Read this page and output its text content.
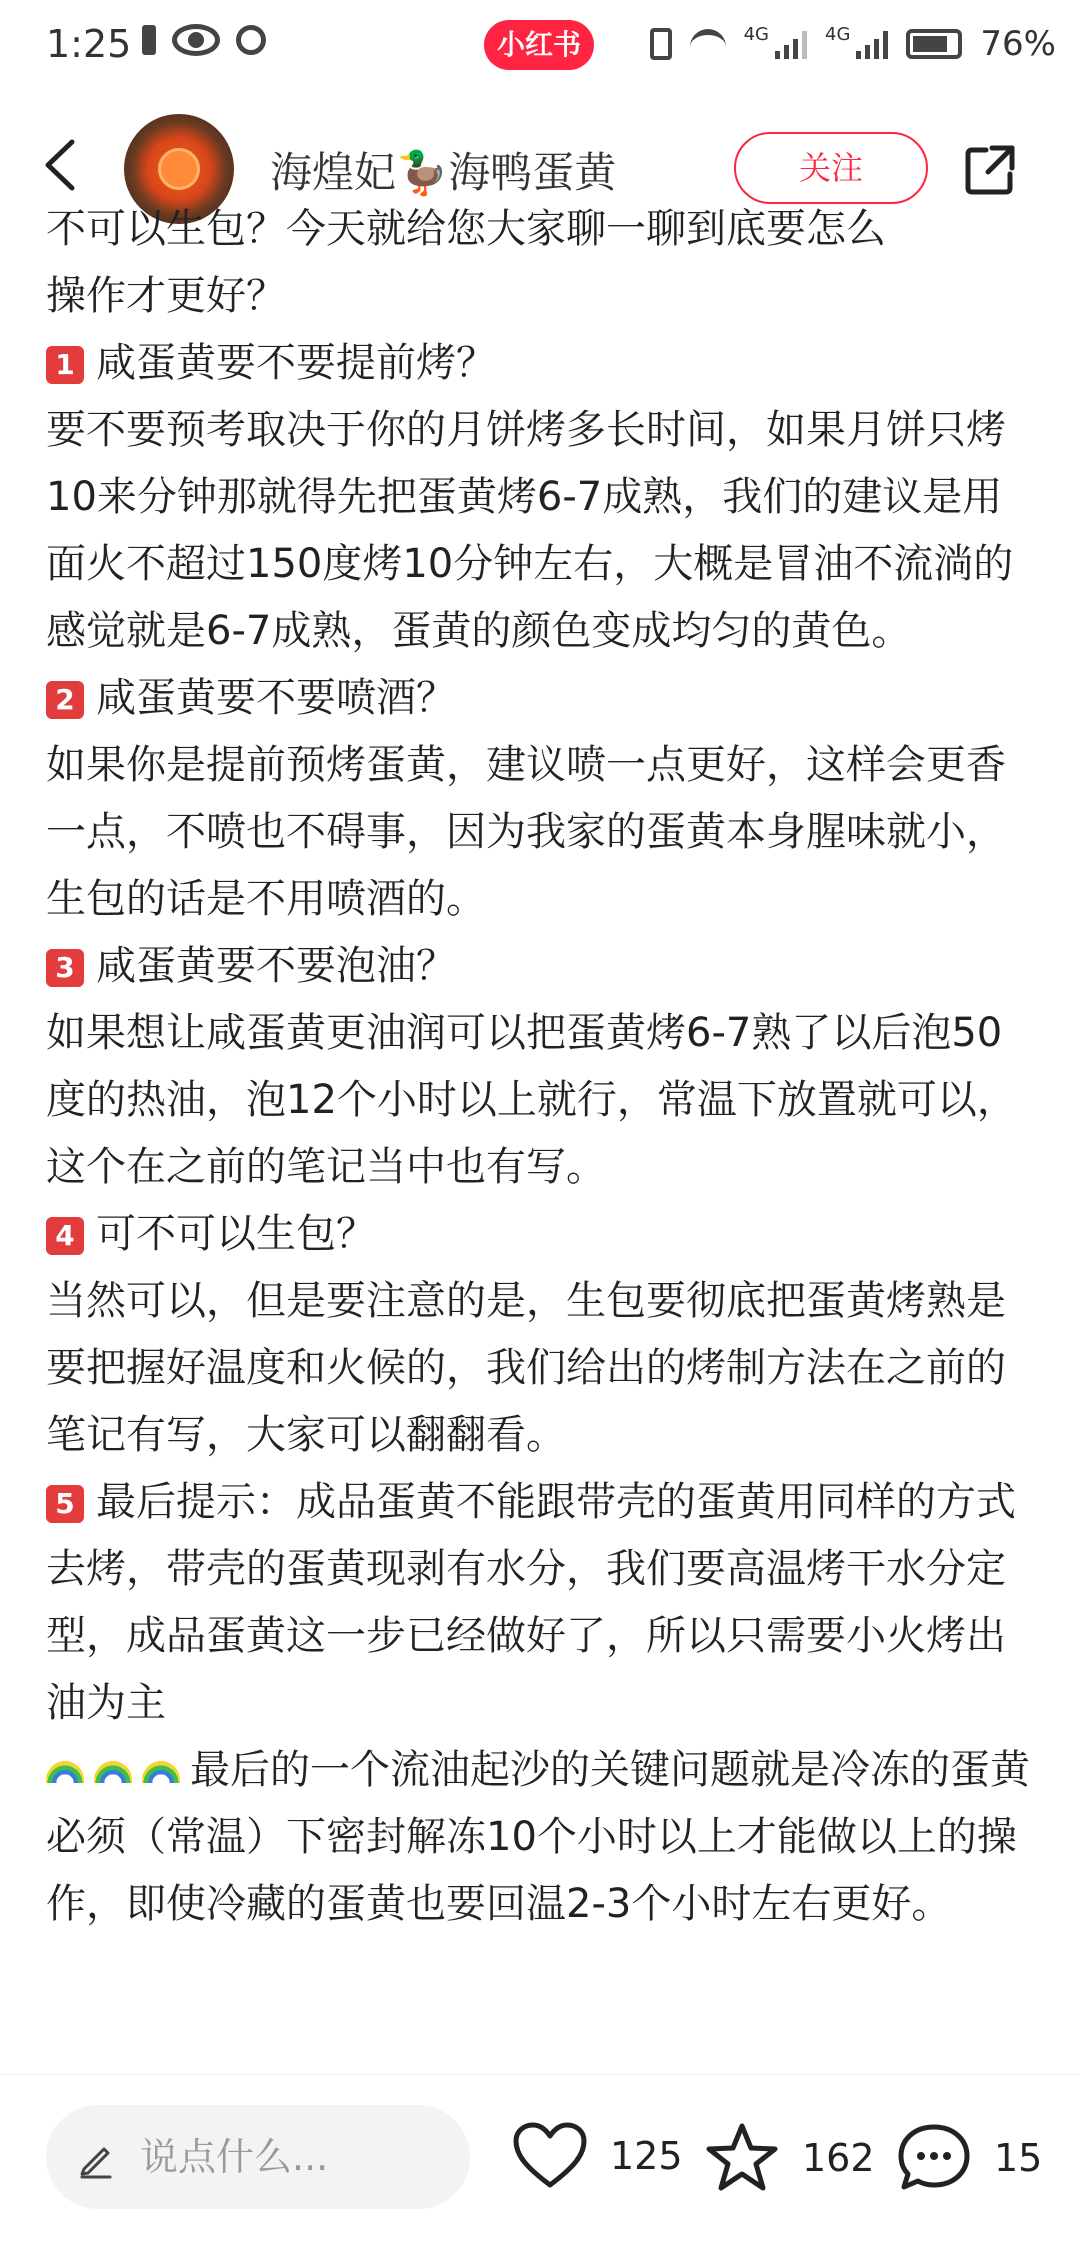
1:25	小红书	4G	4G	76%
海煌妃🦆海鸭蛋黄	关注

不可以生包？今天就给您大家聊一聊到底要怎么

操作才更好？

1 咸蛋黄要不要提前烤？

要不要预考取决于你的月饼烤多长时间，如果月饼只烤10来分钟那就得先把蛋黄烤6-7成熟，我们的建议是用面火不超过150度烤10分钟左右，大概是冒油不流淌的感觉就是6-7成熟，蛋黄的颜色变成均匀的黄色。

2 咸蛋黄要不要喷酒？

如果你是提前预烤蛋黄，建议喷一点更好，这样会更香一点，不喷也不碍事，因为我家的蛋黄本身腥味就小，生包的话是不用喷酒的。

3 咸蛋黄要不要泡油？

如果想让咸蛋黄更油润可以把蛋黄烤6-7熟了以后泡50度的热油，泡12个小时以上就行，常温下放置就可以，这个在之前的笔记当中也有写。

4 可不可以生包？

当然可以，但是要注意的是，生包要彻底把蛋黄烤熟是要把握好温度和火候的，我们给出的烤制方法在之前的笔记有写，大家可以翻翻看。

5 最后提示：成品蛋黄不能跟带壳的蛋黄用同样的方式去烤，带壳的蛋黄现剥有水分，我们要高温烤干水分定型，成品蛋黄这一步已经做好了，所以只需要小火烤出油为主

最后的一个流油起沙的关键问题就是冷冻的蛋黄必须（常温）下密封解冻10个小时以上才能做以上的操作，即使冷藏的蛋黄也要回温2-3个小时左右更好。

说点什么...	125	162	15
